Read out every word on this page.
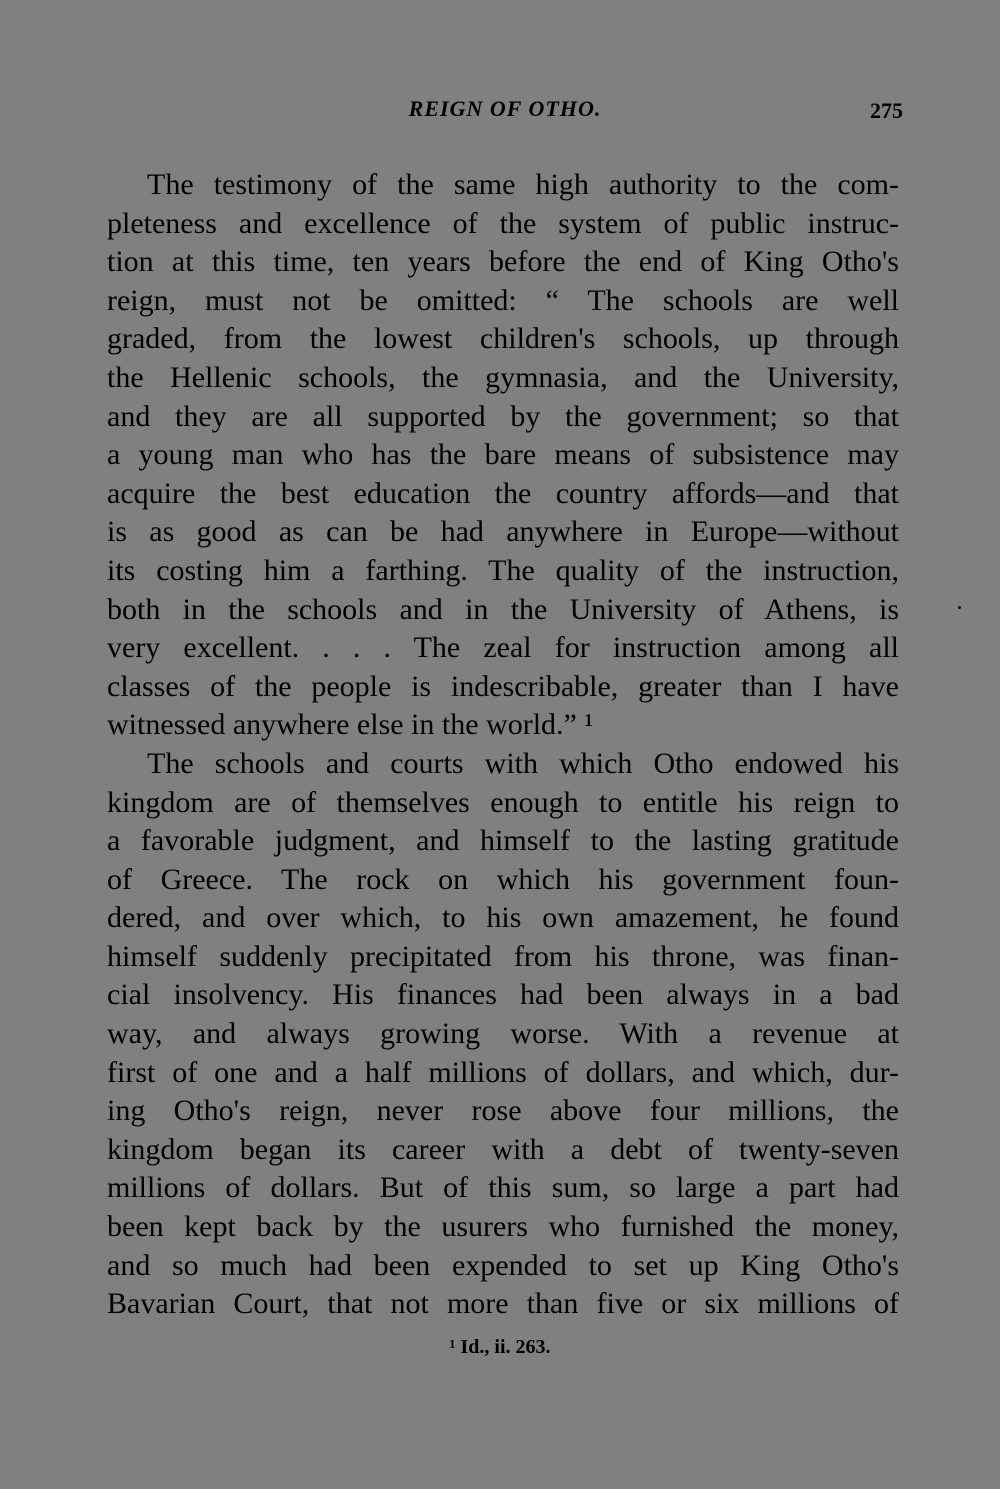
REIGN OF OTHO.	275
The testimony of the same high authority to the com-
pleteness and excellence of the system of public instruc-
tion at this time, ten years before the end of King Otho's
reign, must not be omitted: “ The schools are well
graded, from the lowest children's schools, up through
the Hellenic schools, the gymnasia, and the University,
and they are all supported by the government; so that
a young man who has the bare means of subsistence may
acquire the best education the country affords—and that
is as good as can be had anywhere in Europe—without
its costing him a farthing. The quality of the instruction,
both in the schools and in the University of Athens, is
very excellent. . . . The zeal for instruction among all
classes of the people is indescribable, greater than I have
witnessed anywhere else in the world.” ¹
The schools and courts with which Otho endowed his
kingdom are of themselves enough to entitle his reign to
a favorable judgment, and himself to the lasting gratitude
of Greece. The rock on which his government foun-
dered, and over which, to his own amazement, he found
himself suddenly precipitated from his throne, was finan-
cial insolvency. His finances had been always in a bad
way, and always growing worse. With a revenue at
first of one and a half millions of dollars, and which, dur-
ing Otho's reign, never rose above four millions, the
kingdom began its career with a debt of twenty-seven
millions of dollars. But of this sum, so large a part had
been kept back by the usurers who furnished the money,
and so much had been expended to set up King Otho's
Bavarian Court, that not more than five or six millions of
¹ Id., ii. 263.
